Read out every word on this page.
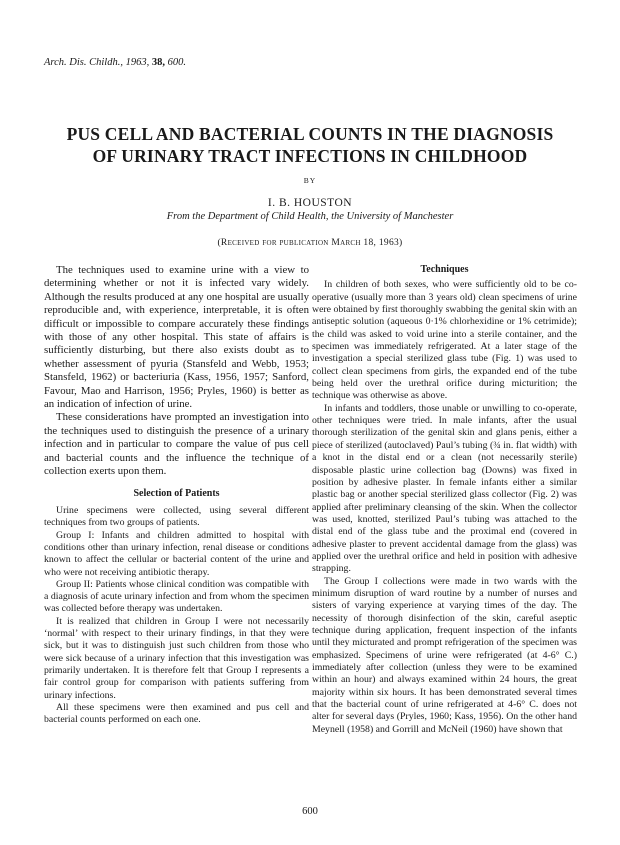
Arch. Dis. Childh., 1963, 38, 600.
PUS CELL AND BACTERIAL COUNTS IN THE DIAGNOSIS
OF URINARY TRACT INFECTIONS IN CHILDHOOD
BY
I. B. HOUSTON
From the Department of Child Health, the University of Manchester
(Received for publication March 18, 1963)

The techniques used to examine urine with a view to determining whether or not it is infected vary widely. Although the results produced at any one hospital are usually reproducible and, with experience, interpretable, it is often difficult or impossible to compare accurately these findings with those of any other hospital. This state of affairs is sufficiently disturbing, but there also exists doubt as to whether assessment of pyuria (Stansfeld and Webb, 1953; Stansfeld, 1962) or bacteriuria (Kass, 1956, 1957; Sanford, Favour, Mao and Harrison, 1956; Pryles, 1960) is better as an indication of infection of urine.

These considerations have prompted an investigation into the techniques used to distinguish the presence of a urinary infection and in particular to compare the value of pus cell and bacterial counts and the influence the technique of collection exerts upon them.

Selection of Patients

Urine specimens were collected, using several different techniques from two groups of patients.

Group I: Infants and children admitted to hospital with conditions other than urinary infection, renal disease or conditions known to affect the cellular or bacterial content of the urine and who were not receiving antibiotic therapy.

Group II: Patients whose clinical condition was compatible with a diagnosis of acute urinary infection and from whom the specimen was collected before therapy was undertaken.

It is realized that children in Group I were not necessarily ‘normal’ with respect to their urinary findings, in that they were sick, but it was to distinguish just such children from those who were sick because of a urinary infection that this investigation was primarily undertaken. It is therefore felt that Group I represents a fair control group for comparison with patients suffering from urinary infections.

All these specimens were then examined and pus cell and bacterial counts performed on each one.

Techniques

In children of both sexes, who were sufficiently old to be co-operative (usually more than 3 years old) clean specimens of urine were obtained by first thoroughly swabbing the genital skin with an antiseptic solution (aqueous 0·1% chlorhexidine or 1% cetrimide); the child was asked to void urine into a sterile container, and the specimen was immediately refrigerated. At a later stage of the investigation a special sterilized glass tube (Fig. 1) was used to collect clean specimens from girls, the expanded end of the tube being held over the urethral orifice during micturition; the technique was otherwise as above.

In infants and toddlers, those unable or unwilling to co-operate, other techniques were tried. In male infants, after the usual thorough sterilization of the genital skin and glans penis, either a piece of sterilized (autoclaved) Paul’s tubing (¾ in. flat width) with a knot in the distal end or a clean (not necessarily sterile) disposable plastic urine collection bag (Downs) was fixed in position by adhesive plaster. In female infants either a similar plastic bag or another special sterilized glass collector (Fig. 2) was applied after preliminary cleansing of the skin. When the collector was used, knotted, sterilized Paul’s tubing was attached to the distal end of the glass tube and the proximal end (covered in adhesive plaster to prevent accidental damage from the glass) was applied over the urethral orifice and held in position with adhesive strapping.

The Group I collections were made in two wards with the minimum disruption of ward routine by a number of nurses and sisters of varying experience at varying times of the day. The necessity of thorough disinfection of the skin, careful aseptic technique during application, frequent inspection of the infants until they micturated and prompt refrigeration of the specimen was emphasized. Specimens of urine were refrigerated (at 4-6° C.) immediately after collection (unless they were to be examined within an hour) and always examined within 24 hours, the great majority within six hours. It has been demonstrated several times that the bacterial count of urine refrigerated at 4-6° C. does not alter for several days (Pryles, 1960; Kass, 1956). On the other hand Meynell (1958) and Gorrill and McNeil (1960) have shown that

600
